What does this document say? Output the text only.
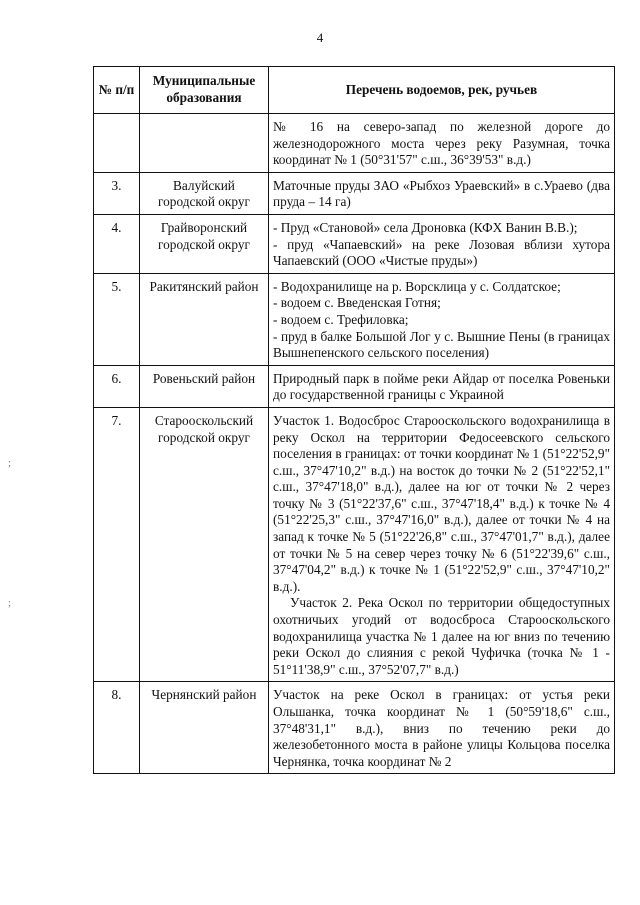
4
№ п/п	Муниципальные образования	Перечень водоемов, рек, ручьев

		№ 16 на северо-запад по железной дороге до железнодорожного моста через реку Разумная, точка координат № 1 (50°31'57" с.ш., 36°39'53" в.д.)

3.	Валуйский городской округ	Маточные пруды ЗАО «Рыбхоз Ураевский» в с.Ураево (два пруда – 14 га)

4.	Грайворонский городской округ	- Пруд «Становой» села Дроновка (КФХ Ванин В.В.);
- пруд «Чапаевский» на реке Лозовая вблизи хутора Чапаевский (ООО «Чистые пруды»)

5.	Ракитянский район	- Водохранилище на р. Ворсклица у с. Солдатское;
- водоем с. Введенская Готня;
- водоем с. Трефиловка;
- пруд в балке Большой Лог у с. Вышние Пены (в границах Вышнепенского сельского поселения)

6.	Ровеньский район	Природный парк в пойме реки Айдар от поселка Ровеньки до государственной границы с Украиной

7.	Старооскольский городской округ	Участок 1. Водосброс Старооскольского водохранилища в реку Оскол на территории Федосеевского сельского поселения в границах: от точки координат № 1 (51°22'52,9" с.ш., 37°47'10,2" в.д.) на восток до точки № 2 (51°22'52,1" с.ш., 37°47'18,0" в.д.), далее на юг от точки № 2 через точку № 3 (51°22'37,6" с.ш., 37°47'18,4" в.д.) к точке № 4 (51°22'25,3" с.ш., 37°47'16,0" в.д.), далее от точки № 4 на запад к точке № 5 (51°22'26,8" с.ш., 37°47'01,7" в.д.), далее от точки № 5 на север через точку № 6 (51°22'39,6" с.ш., 37°47'04,2" в.д.) к точке № 1 (51°22'52,9" с.ш., 37°47'10,2" в.д.).
Участок 2. Река Оскол по территории общедоступных охотничьих угодий от водосброса Старооскольского водохранилища участка № 1 далее на юг вниз по течению реки Оскол до слияния с рекой Чуфичка (точка № 1 - 51°11'38,9" с.ш., 37°52'07,7" в.д.)

8.	Чернянский район	Участок на реке Оскол в границах: от устья реки Ольшанка, точка координат № 1 (50°59'18,6" с.ш., 37°48'31,1" в.д.), вниз по течению реки до железобетонного моста в районе улицы Кольцова поселка Чернянка, точка координат № 2
;
;
